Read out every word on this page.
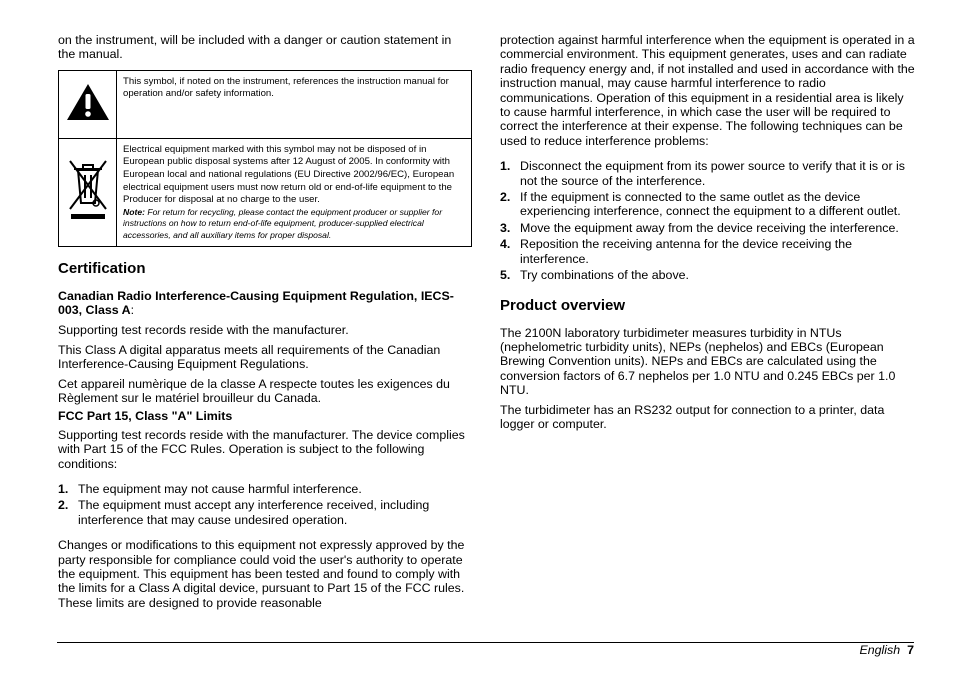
on the instrument, will be included with a danger or caution statement in the manual.

	This symbol, if noted on the instrument, references the instruction manual for operation and/or safety information.

Electrical equipment marked with this symbol may not be disposed of in European public disposal systems after 12 August of 2005. In conformity with European local and national regulations (EU Directive 2002/96/EC), European electrical equipment users must now return old or end-of-life equipment to the Producer for disposal at no charge to the user.
Note: For return for recycling, please contact the equipment producer or supplier for instructions on how to return end-of-life equipment, producer-supplied electrical accessories, and all auxiliary items for proper disposal.
Certification
Canadian Radio Interference-Causing Equipment Regulation, IECS-003, Class A:

Supporting test records reside with the manufacturer.

This Class A digital apparatus meets all requirements of the Canadian Interference-Causing Equipment Regulations.

Cet appareil numèrique de la classe A respecte toutes les exigences du Règlement sur le matériel brouilleur du Canada.

FCC Part 15, Class "A" Limits

Supporting test records reside with the manufacturer. The device complies with Part 15 of the FCC Rules. Operation is subject to the following conditions:

1. The equipment may not cause harmful interference.
2. The equipment must accept any interference received, including interference that may cause undesired operation.

Changes or modifications to this equipment not expressly approved by the party responsible for compliance could void the user's authority to operate the equipment. This equipment has been tested and found to comply with the limits for a Class A digital device, pursuant to Part 15 of the FCC rules. These limits are designed to provide reasonable

protection against harmful interference when the equipment is operated in a commercial environment. This equipment generates, uses and can radiate radio frequency energy and, if not installed and used in accordance with the instruction manual, may cause harmful interference to radio communications. Operation of this equipment in a residential area is likely to cause harmful interference, in which case the user will be required to correct the interference at their expense. The following techniques can be used to reduce interference problems:

1. Disconnect the equipment from its power source to verify that it is or is not the source of the interference.
2. If the equipment is connected to the same outlet as the device experiencing interference, connect the equipment to a different outlet.
3. Move the equipment away from the device receiving the interference.
4. Reposition the receiving antenna for the device receiving the interference.
5. Try combinations of the above.
Product overview

The 2100N laboratory turbidimeter measures turbidity in NTUs (nephelometric turbidity units), NEPs (nephelos) and EBCs (European Brewing Convention units). NEPs and EBCs are calculated using the conversion factors of 6.7 nephelos per 1.0 NTU and 0.245 EBCs per 1.0 NTU.

The turbidimeter has an RS232 output for connection to a printer, data logger or computer.

English 7
